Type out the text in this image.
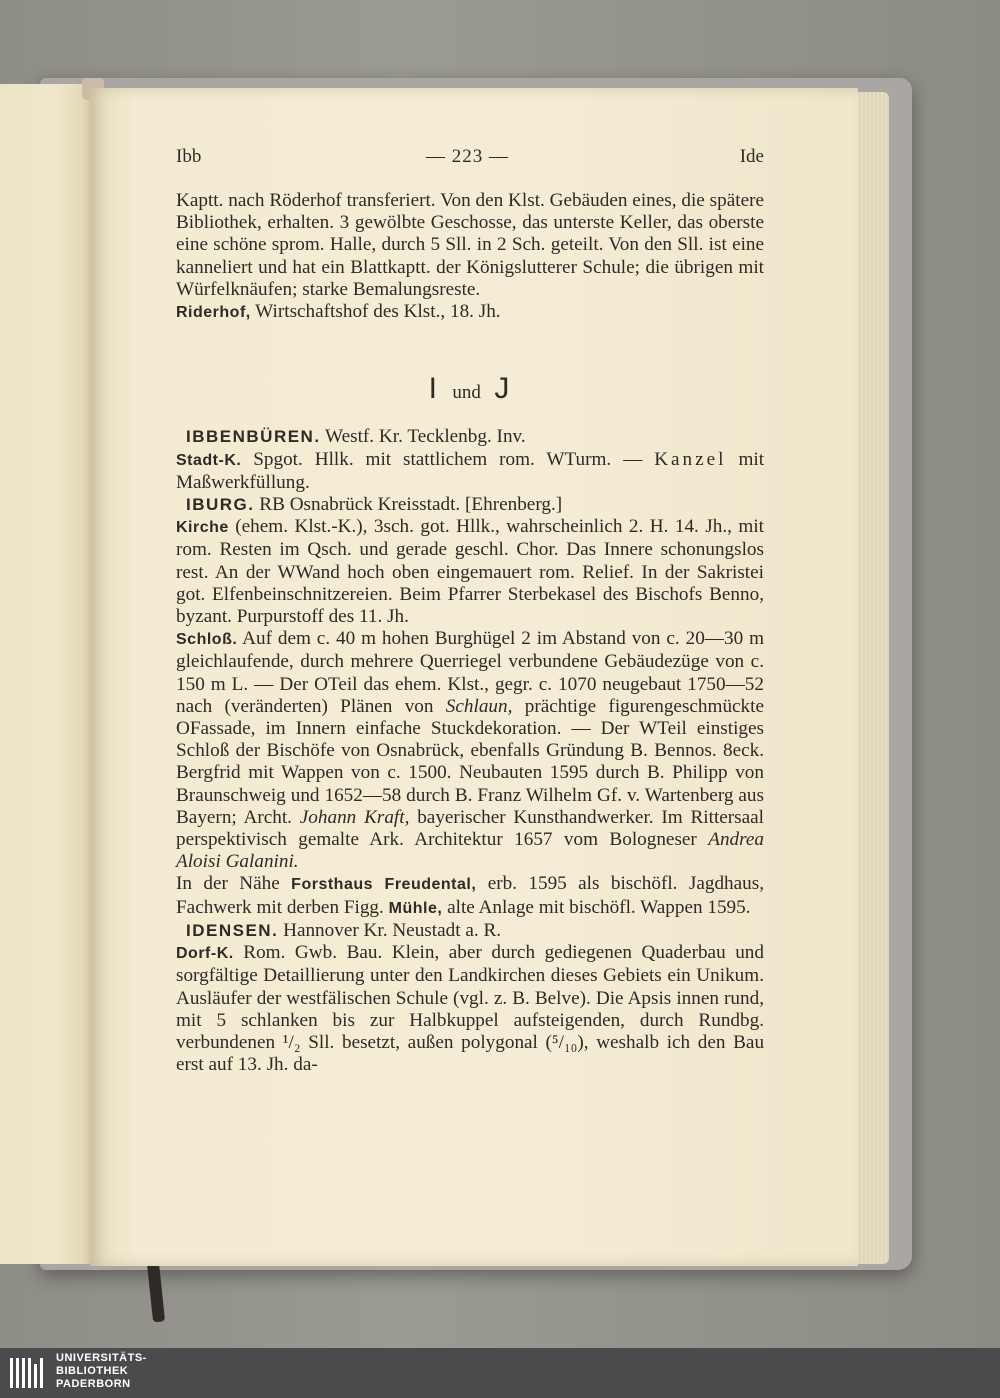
Ibb	— 223 —	Ide

Kaptt. nach Röderhof transferiert. Von den Klst. Gebäuden eines, die spätere Bibliothek, erhalten. 3 gewölbte Geschosse, das unterste Keller, das oberste eine schöne sprom. Halle, durch 5 Sll. in 2 Sch. geteilt. Von den Sll. ist eine kanneliert und hat ein Blattkaptt. der Königslutterer Schule; die übrigen mit Würfelknäufen; starke Bemalungsreste.

Riderhof, Wirtschaftshof des Klst., 18. Jh.

I und J

IBBENBÜREN. Westf. Kr. Tecklenbg. Inv.

Stadt-K. Spgot. Hllk. mit stattlichem rom. WTurm. — Kanzel mit Maßwerkfüllung.

IBURG. RB Osnabrück Kreisstadt. [Ehrenberg.]

Kirche (ehem. Klst.-K.), 3sch. got. Hllk., wahrscheinlich 2. H. 14. Jh., mit rom. Resten im Qsch. und gerade geschl. Chor. Das Innere schonungslos rest. An der WWand hoch oben eingemauert rom. Relief. In der Sakristei got. Elfenbeinschnitzereien. Beim Pfarrer Sterbekasel des Bischofs Benno, byzant. Purpurstoff des 11. Jh.

Schloß. Auf dem c. 40 m hohen Burghügel 2 im Abstand von c. 20—30 m gleichlaufende, durch mehrere Querriegel verbundene Gebäudezüge von c. 150 m L. — Der OTeil das ehem. Klst., gegr. c. 1070 neugebaut 1750—52 nach (veränderten) Plänen von Schlaun, prächtige figurengeschmückte OFassade, im Innern einfache Stuckdekoration. — Der WTeil einstiges Schloß der Bischöfe von Osnabrück, ebenfalls Gründung B. Bennos. 8eck. Bergfrid mit Wappen von c. 1500. Neubauten 1595 durch B. Philipp von Braunschweig und 1652—58 durch B. Franz Wilhelm Gf. v. Wartenberg aus Bayern; Archt. Johann Kraft, bayerischer Kunsthandwerker. Im Rittersaal perspektivisch gemalte Ark. Architektur 1657 vom Bologneser Andrea Aloisi Galanini.

In der Nähe Forsthaus Freudental, erb. 1595 als bischöfl. Jagdhaus, Fachwerk mit derben Figg. Mühle, alte Anlage mit bischöfl. Wappen 1595.

IDENSEN. Hannover Kr. Neustadt a. R.

Dorf-K. Rom. Gwb. Bau. Klein, aber durch gediegenen Quaderbau und sorgfältige Detaillierung unter den Landkirchen dieses Gebiets ein Unikum. Ausläufer der westfälischen Schule (vgl. z. B. Belve). Die Apsis innen rund, mit 5 schlanken bis zur Halbkuppel aufsteigenden, durch Rundbg. verbundenen ¹/₂ Sll. besetzt, außen polygonal (⁵/₁₀), weshalb ich den Bau erst auf 13. Jh. da-

UNIVERSITÄTS-
BIBLIOTHEK
PADERBORN
